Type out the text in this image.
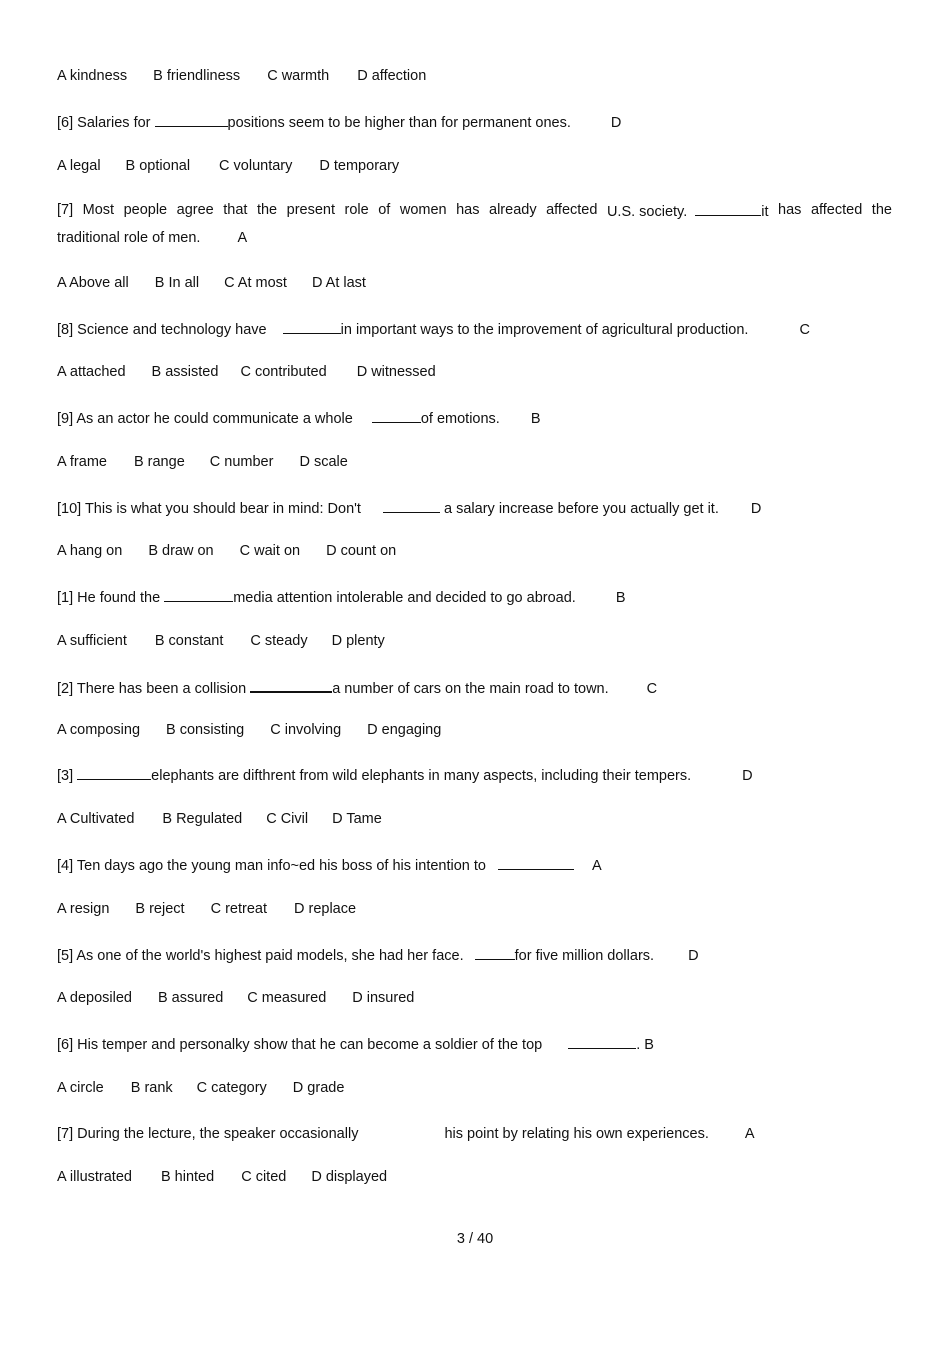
A kindness B friendliness C warmth D affection
[6] Salaries for	positions seem to be higher than for permanent ones.	D
A legal B optional C voluntary D temporary
[7] Most people agree that the present role of women has already affected U.S. society.	it has affected the
traditional role of men.	A
A Above all B In all C At most D At last
[8] Science and technology have	in important ways to the improvement of agricultural production.	C
A attached B assisted C contributed D witnessed
[9] As an actor he could communicate a whole	of emotions. B
A frame B range C number D scale
[10] This is what you should bear in mind: Don't	a salary increase before you actually get it. D
A hang on B draw on C wait on D count on
[1] He found the	media attention intolerable and decided to go abroad.	B
A sufficient B constant C steady D plenty
[2] There has been a collision	a number of cars on the main road to town.	C
A composing B consisting C involving D engaging
[3]	elephants are difthrent from wild elephants in many aspects, including their tempers.	D
A Cultivated B Regulated C Civil D Tame
[4] Ten days ago the young man info~ed his boss of his intention to	A
A resign B reject C retreat D replace
[5] As one of the world's highest paid models, she had her face.	for five million dollars. D
A deposiled B assured C measured D insured
[6] His temper and personalky show that he can become a soldier of the top	. B
A circle B rank C category D grade
[7] During the lecture, the speaker occasionally	his point by relating his own experiences. A
A illustrated B hinted C cited D displayed
3 / 40
